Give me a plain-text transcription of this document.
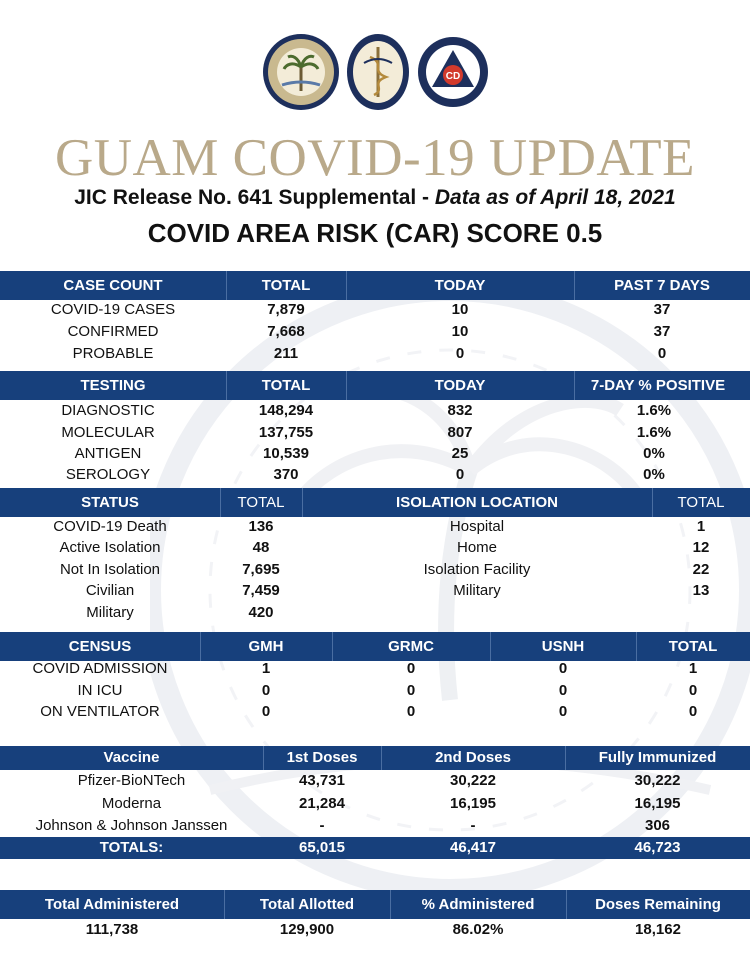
CD
GUAM COVID-19 UPDATE
JIC Release No. 641 Supplemental - Data as of April 18, 2021
COVID AREA RISK (CAR) SCORE 0.5
CASE COUNT	TOTAL	TODAY	PAST 7 DAYS
COVID-19 CASES	7,879	10	37
CONFIRMED	7,668	10	37
PROBABLE	211	0	0
TESTING	TOTAL	TODAY	7-DAY % POSITIVE
DIAGNOSTIC	148,294	832	1.6%
MOLECULAR	137,755	807	1.6%
ANTIGEN	10,539	25	0%
SEROLOGY	370	0	0%
STATUS	TOTAL	ISOLATION LOCATION	TOTAL
COVID-19 Death	136	Hospital	1
Active Isolation	48	Home	12
Not In Isolation	7,695	Isolation Facility	22
Civilian	7,459	Military	13
Military	420
CENSUS	GMH	GRMC	USNH	TOTAL
COVID ADMISSION	1	0	0	1
IN ICU	0	0	0	0
ON VENTILATOR	0	0	0	0
Vaccine	1st Doses	2nd Doses	Fully Immunized
Pfizer-BioNTech	43,731	30,222	30,222
Moderna	21,284	16,195	16,195
Johnson & Johnson Janssen	-	-	306
TOTALS:	65,015	46,417	46,723
Total Administered	Total Allotted	% Administered	Doses Remaining
111,738	129,900	86.02%	18,162
